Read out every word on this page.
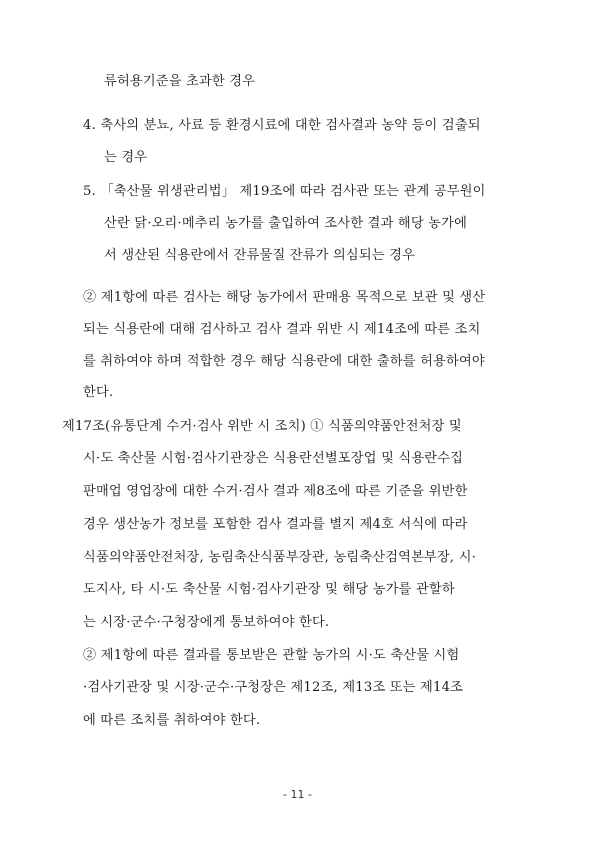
류허용기준을 초과한 경우
4. 축사의 분뇨, 사료 등 환경시료에 대한 검사결과 농약 등이 검출되
는 경우
5. 「축산물 위생관리법」 제19조에 따라 검사관 또는 관계 공무원이
산란 닭·오리·메추리 농가를 출입하여 조사한 결과 해당 농가에
서 생산된 식용란에서 잔류물질 잔류가 의심되는 경우
② 제1항에 따른 검사는 해당 농가에서 판매용 목적으로 보관 및 생산
되는 식용란에 대해 검사하고 검사 결과 위반 시 제14조에 따른 조치
를 취하여야 하며 적합한 경우 해당 식용란에 대한 출하를 허용하여야
한다.
제17조(유통단계 수거·검사 위반 시 조치) ① 식품의약품안전처장 및
시·도 축산물 시험·검사기관장은 식용란선별포장업 및 식용란수집
판매업 영업장에 대한 수거·검사 결과 제8조에 따른 기준을 위반한
경우 생산농가 정보를 포함한 검사 결과를 별지 제4호 서식에 따라
식품의약품안전처장, 농림축산식품부장관, 농림축산검역본부장, 시·
도지사, 타 시·도 축산물 시험·검사기관장 및 해당 농가를 관할하
는 시장·군수·구청장에게 통보하여야 한다.
② 제1항에 따른 결과를 통보받은 관할 농가의 시·도 축산물 시험
·검사기관장 및 시장·군수·구청장은 제12조, 제13조 또는 제14조
에 따른 조치를 취하여야 한다.
- 11 -
